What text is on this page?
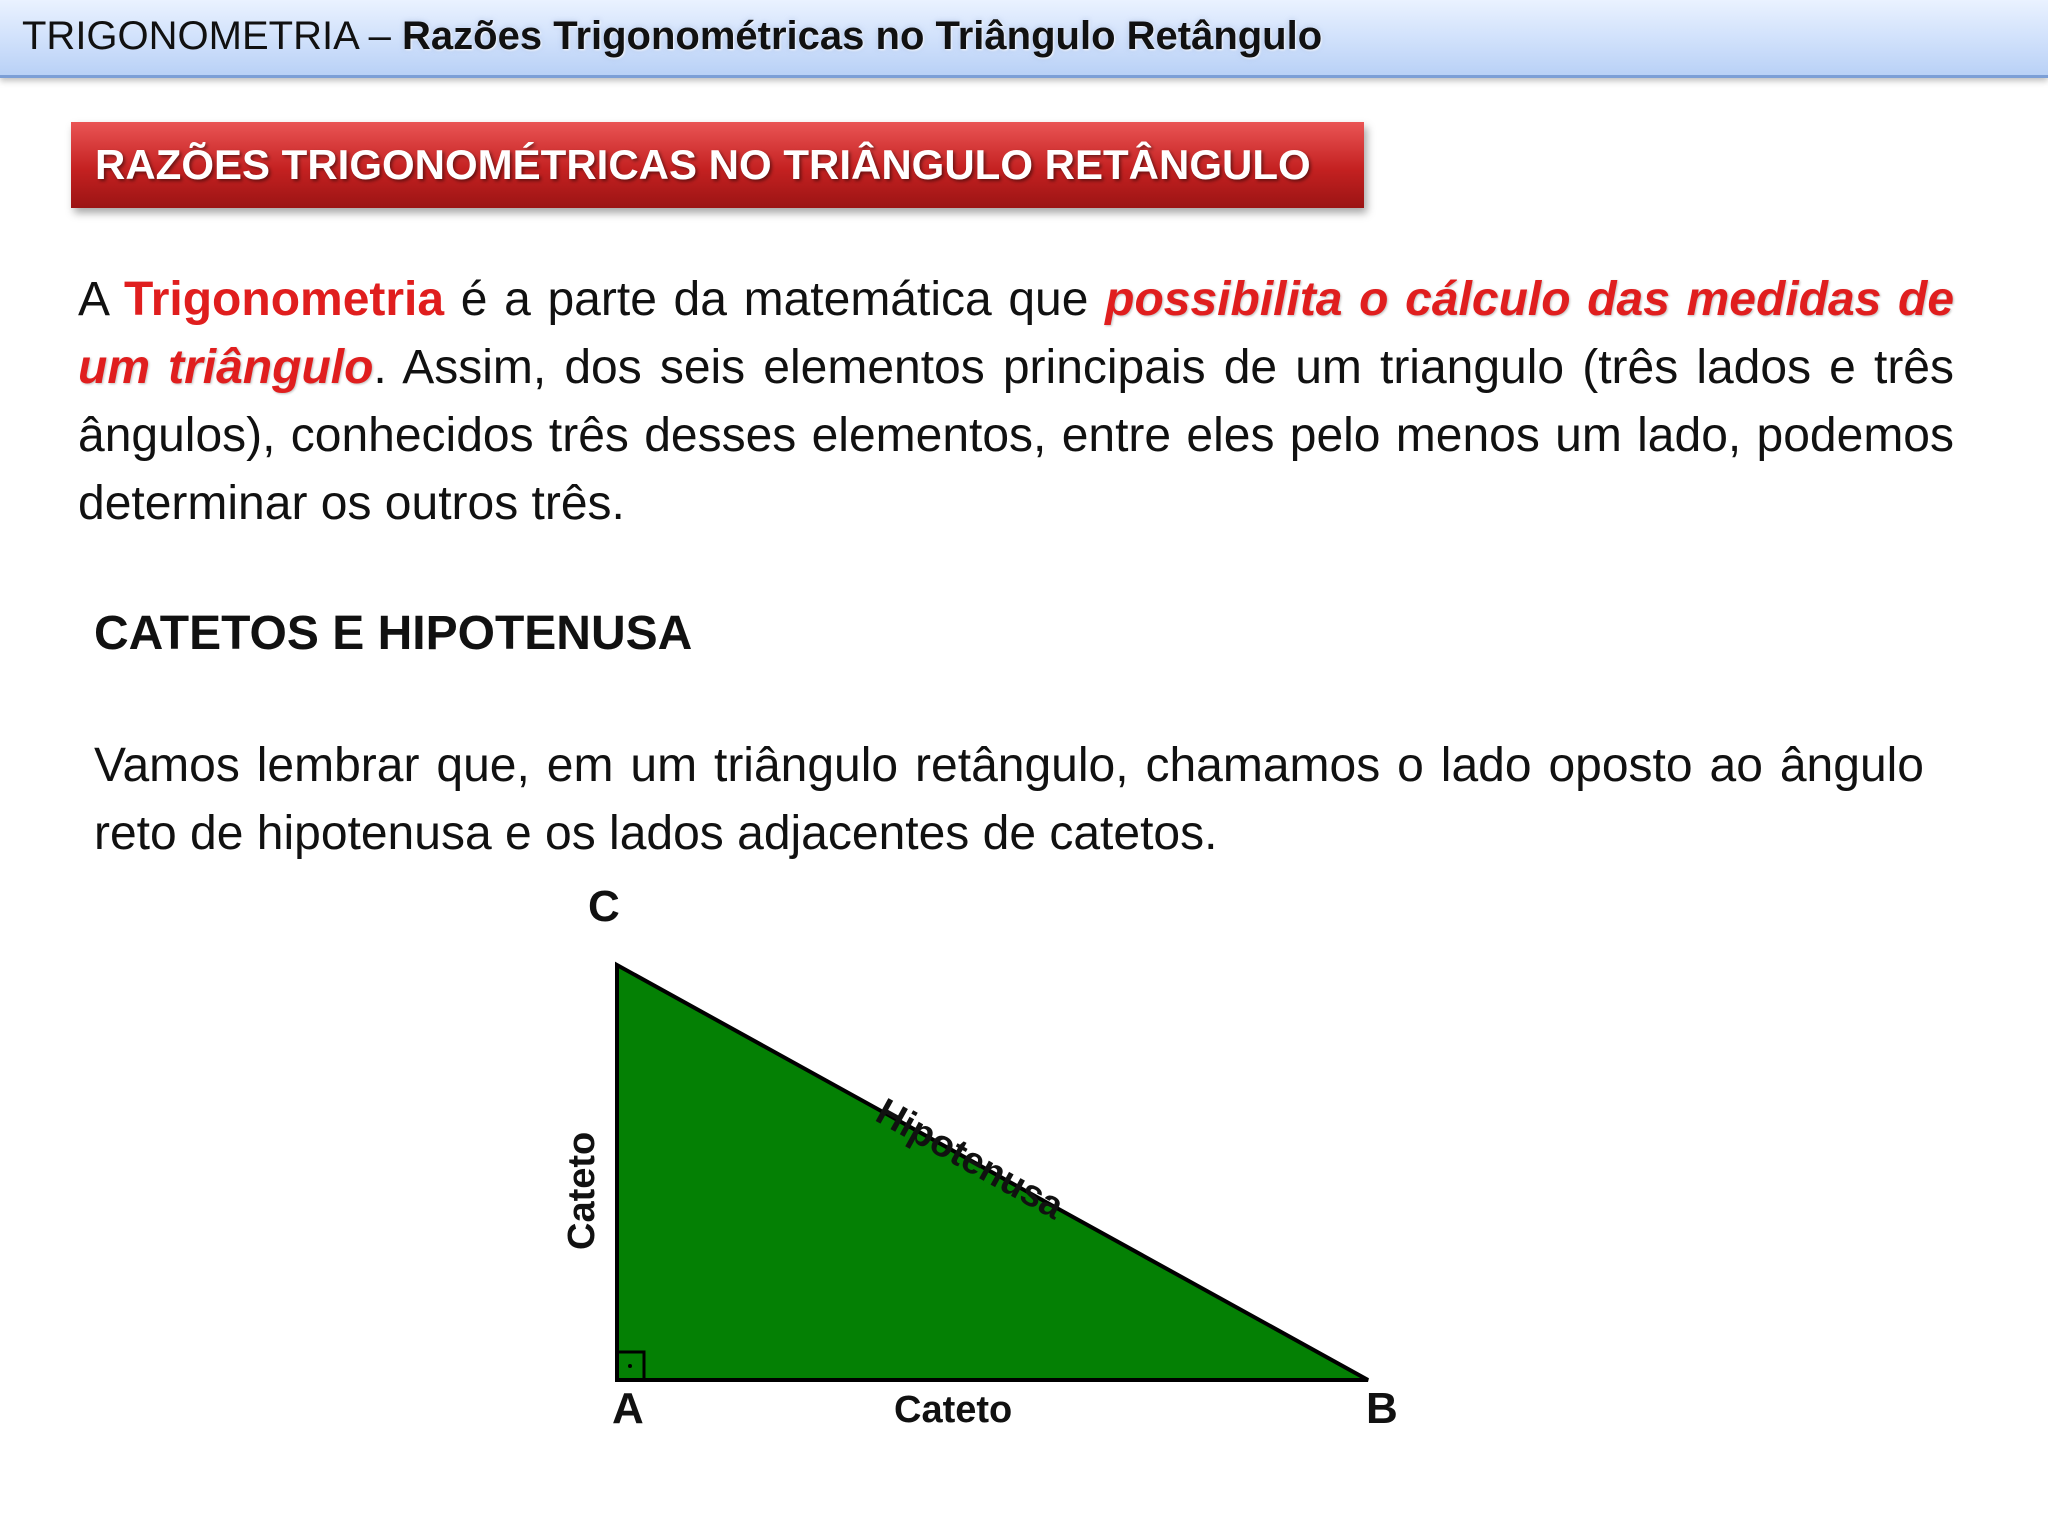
TRIGONOMETRIA – Razões Trigonométricas no Triângulo Retângulo
RAZÕES TRIGONOMÉTRICAS NO TRIÂNGULO RETÂNGULO
A Trigonometria é a parte da matemática que possibilita o cálculo das medidas de um triângulo. Assim, dos seis elementos principais de um triangulo (três lados e três ângulos), conhecidos três desses elementos, entre eles pelo menos um lado, podemos determinar os outros três.
CATETOS E HIPOTENUSA
Vamos lembrar que, em um triângulo retângulo, chamamos o lado oposto ao ângulo reto de hipotenusa e os lados adjacentes de catetos.
C
A	B
Hipotenusa
Cateto
Cateto
